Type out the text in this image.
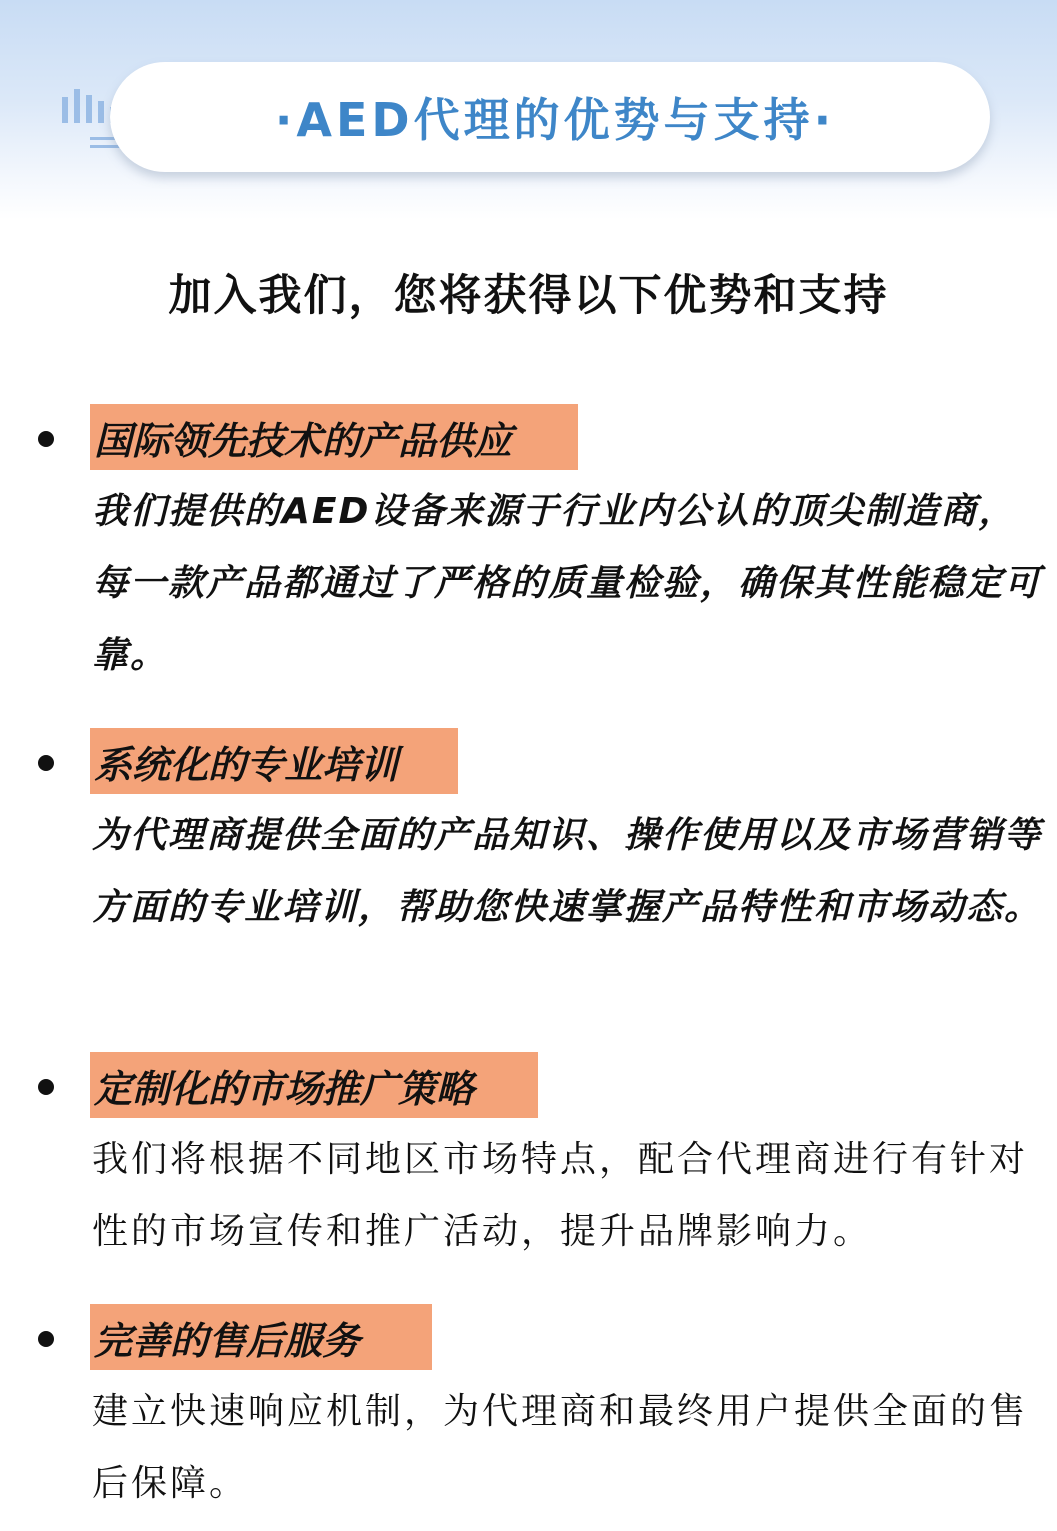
·AED代理的优势与支持·
加入我们，您将获得以下优势和支持
国际领先技术的产品供应
我们提供的AED设备来源于行业内公认的顶尖制造商，每一款产品都通过了严格的质量检验，确保其性能稳定可靠。
系统化的专业培训
为代理商提供全面的产品知识、操作使用以及市场营销等方面的专业培训，帮助您快速掌握产品特性和市场动态。
定制化的市场推广策略
我们将根据不同地区市场特点，配合代理商进行有针对性的市场宣传和推广活动，提升品牌影响力。
完善的售后服务
建立快速响应机制，为代理商和最终用户提供全面的售后保障。
